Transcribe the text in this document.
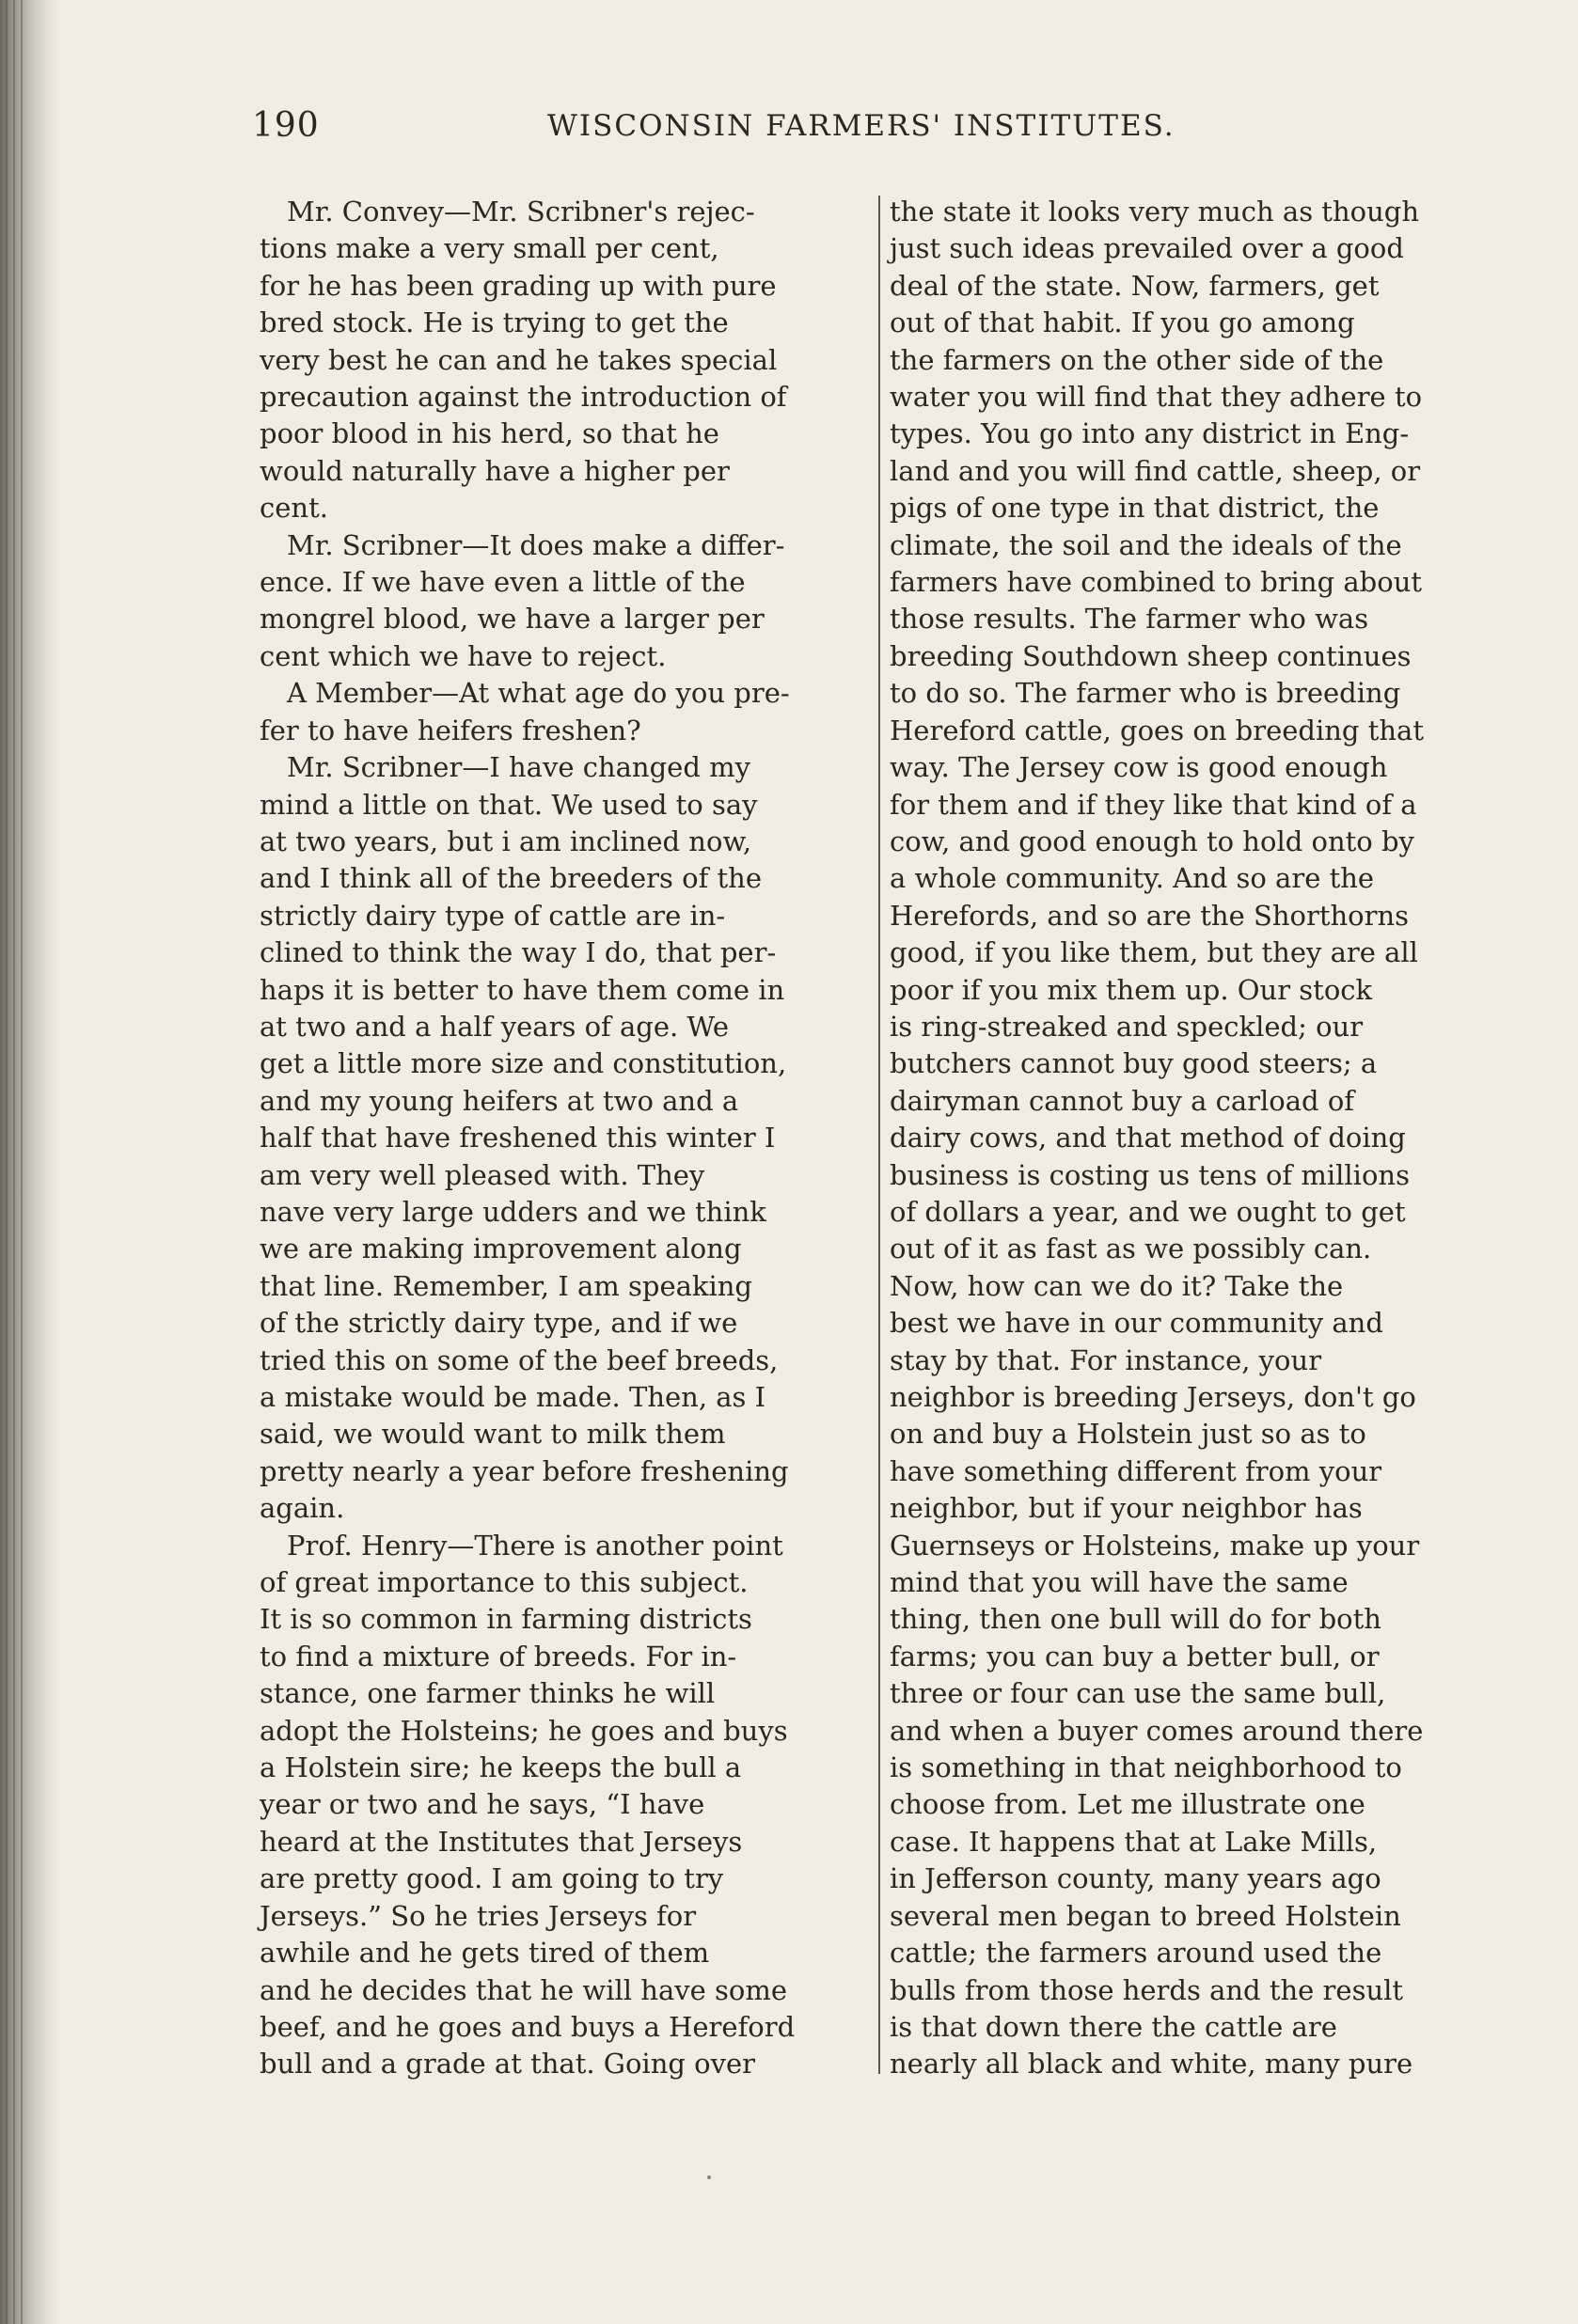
190	WISCONSIN FARMERS' INSTITUTES.

  Mr. Convey—Mr. Scribner's rejec-

tions make a very small per cent,

for he has been grading up with pure

bred stock. He is trying to get the

very best he can and he takes special

precaution against the introduction of

poor blood in his herd, so that he

would naturally have a higher per

cent.

  Mr. Scribner—It does make a differ-

ence. If we have even a little of the

mongrel blood, we have a larger per

cent which we have to reject.

  A Member—At what age do you pre-

fer to have heifers freshen?

  Mr. Scribner—I have changed my

mind a little on that. We used to say

at two years, but i am inclined now,

and I think all of the breeders of the

strictly dairy type of cattle are in-

clined to think the way I do, that per-

haps it is better to have them come in

at two and a half years of age. We

get a little more size and constitution,

and my young heifers at two and a

half that have freshened this winter I

am very well pleased with. They

nave very large udders and we think

we are making improvement along

that line. Remember, I am speaking

of the strictly dairy type, and if we

tried this on some of the beef breeds,

a mistake would be made. Then, as I

said, we would want to milk them

pretty nearly a year before freshening

again.

  Prof. Henry—There is another point

of great importance to this subject.

It is so common in farming districts

to find a mixture of breeds. For in-

stance, one farmer thinks he will

adopt the Holsteins; he goes and buys

a Holstein sire; he keeps the bull a

year or two and he says, “I have

heard at the Institutes that Jerseys

are pretty good. I am going to try

Jerseys.” So he tries Jerseys for

awhile and he gets tired of them

and he decides that he will have some

beef, and he goes and buys a Hereford

bull and a grade at that. Going over

the state it looks very much as though

just such ideas prevailed over a good

deal of the state. Now, farmers, get

out of that habit. If you go among

the farmers on the other side of the

water you will find that they adhere to

types. You go into any district in Eng-

land and you will find cattle, sheep, or

pigs of one type in that district, the

climate, the soil and the ideals of the

farmers have combined to bring about

those results. The farmer who was

breeding Southdown sheep continues

to do so. The farmer who is breeding

Hereford cattle, goes on breeding that

way. The Jersey cow is good enough

for them and if they like that kind of a

cow, and good enough to hold onto by

a whole community. And so are the

Herefords, and so are the Shorthorns

good, if you like them, but they are all

poor if you mix them up. Our stock

is ring-streaked and speckled; our

butchers cannot buy good steers; a

dairyman cannot buy a carload of

dairy cows, and that method of doing

business is costing us tens of millions

of dollars a year, and we ought to get

out of it as fast as we possibly can.

Now, how can we do it? Take the

best we have in our community and

stay by that. For instance, your

neighbor is breeding Jerseys, don't go

on and buy a Holstein just so as to

have something different from your

neighbor, but if your neighbor has

Guernseys or Holsteins, make up your

mind that you will have the same

thing, then one bull will do for both

farms; you can buy a better bull, or

three or four can use the same bull,

and when a buyer comes around there

is something in that neighborhood to

choose from. Let me illustrate one

case. It happens that at Lake Mills,

in Jefferson county, many years ago

several men began to breed Holstein

cattle; the farmers around used the

bulls from those herds and the result

is that down there the cattle are

nearly all black and white, many pure
